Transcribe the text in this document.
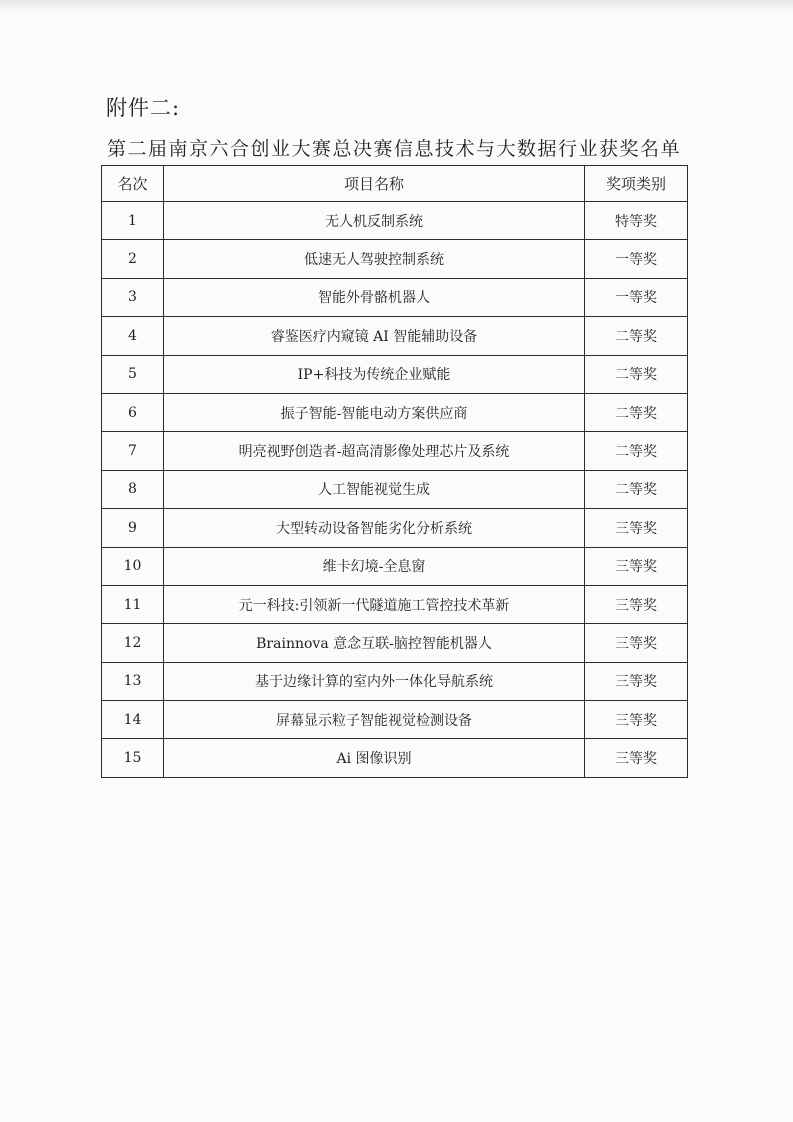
附件二:
第二届南京六合创业大赛总决赛信息技术与大数据行业获奖名单
名次	项目名称	奖项类别
1	无人机反制系统	特等奖
2	低速无人驾驶控制系统	一等奖
3	智能外骨骼机器人	一等奖
4	睿鉴医疗内窥镜 AI 智能辅助设备	二等奖
5	IP+科技为传统企业赋能	二等奖
6	振子智能-智能电动方案供应商	二等奖
7	明亮视野创造者-超高清影像处理芯片及系统	二等奖
8	人工智能视觉生成	二等奖
9	大型转动设备智能劣化分析系统	三等奖
10	维卡幻境-全息窗	三等奖
11	元一科技:引领新一代隧道施工管控技术革新	三等奖
12	Brainnova 意念互联-脑控智能机器人	三等奖
13	基于边缘计算的室内外一体化导航系统	三等奖
14	屏幕显示粒子智能视觉检测设备	三等奖
15	Ai 图像识别	三等奖
